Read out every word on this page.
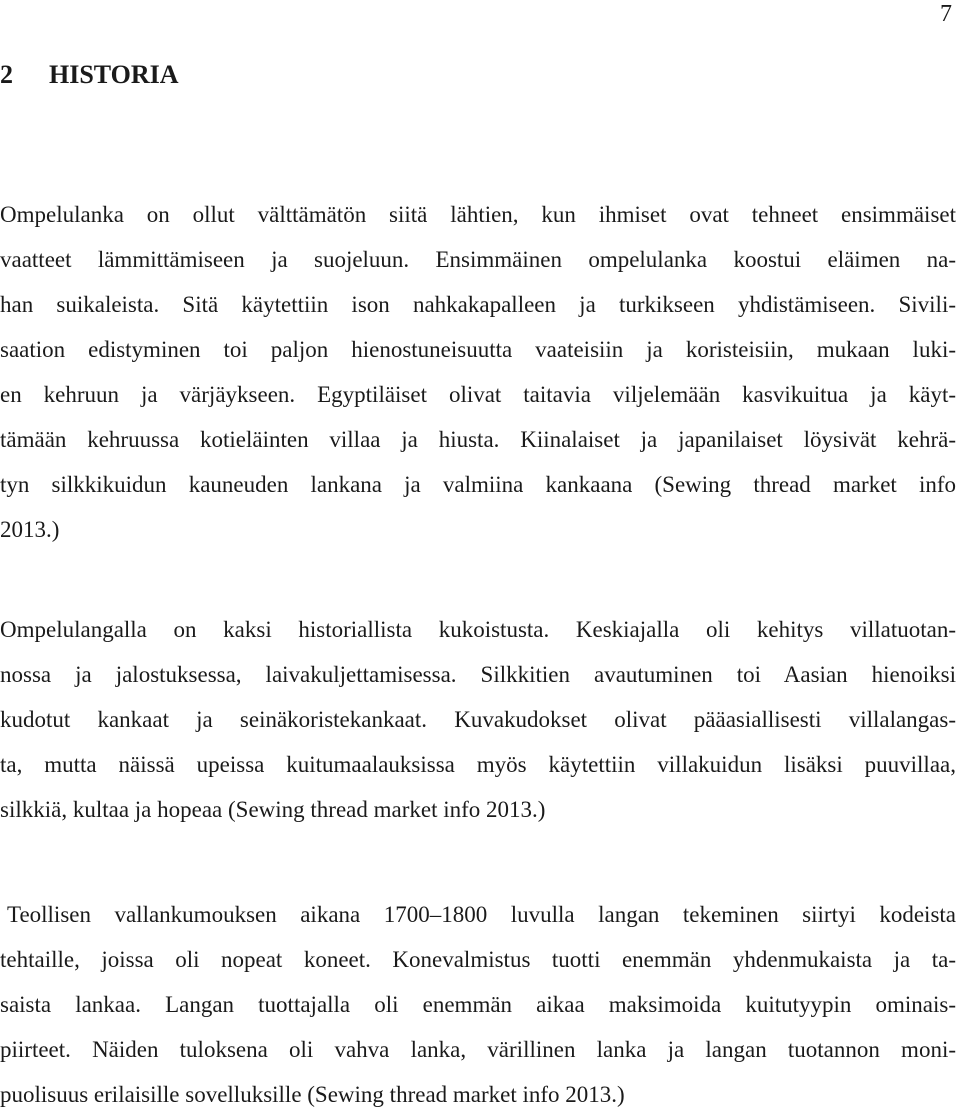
7
2 HISTORIA
Ompelulanka on ollut välttämätön siitä lähtien, kun ihmiset ovat tehneet ensimmäiset
vaatteet lämmittämiseen ja suojeluun. Ensimmäinen ompelulanka koostui eläimen na-
han suikaleista. Sitä käytettiin ison nahkakapalleen ja turkikseen yhdistämiseen. Sivili-
saation edistyminen toi paljon hienostuneisuutta vaateisiin ja koristeisiin, mukaan luki-
en kehruun ja värjäykseen. Egyptiläiset olivat taitavia viljelemään kasvikuitua ja käyt-
tämään kehruussa kotieläinten villaa ja hiusta. Kiinalaiset ja japanilaiset löysivät kehrä-
tyn silkkikuidun kauneuden lankana ja valmiina kankaana (Sewing thread market info
2013.)
Ompelulangalla on kaksi historiallista kukoistusta. Keskiajalla oli kehitys villatuotan-
nossa ja jalostuksessa, laivakuljettamisessa. Silkkitien avautuminen toi Aasian hienoiksi
kudotut kankaat ja seinäkoristekankaat. Kuvakudokset olivat pääasiallisesti villalangas-
ta, mutta näissä upeissa kuitumaalauksissa myös käytettiin villakuidun lisäksi puuvillaa,
silkkiä, kultaa ja hopeaa (Sewing thread market info 2013.)
Teollisen vallankumouksen aikana 1700–1800 luvulla langan tekeminen siirtyi kodeista
tehtaille, joissa oli nopeat koneet. Konevalmistus tuotti enemmän yhdenmukaista ja ta-
saista lankaa. Langan tuottajalla oli enemmän aikaa maksimoida kuitutyypin ominais-
piirteet. Näiden tuloksena oli vahva lanka, värillinen lanka ja langan tuotannon moni-
puolisuus erilaisille sovelluksille (Sewing thread market info 2013.)
